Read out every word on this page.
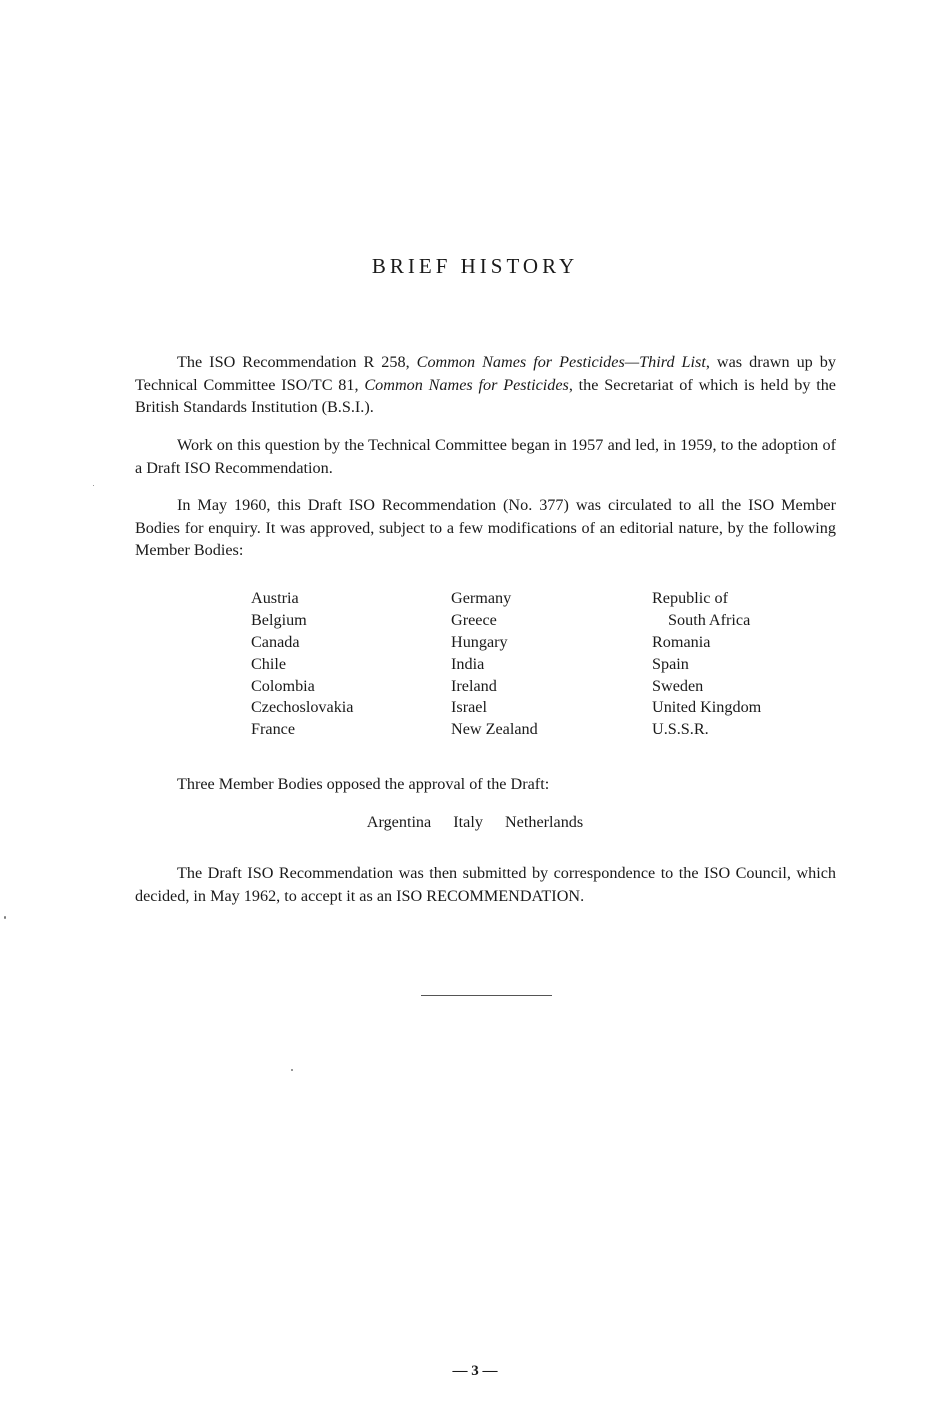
BRIEF HISTORY

The ISO Recommendation R 258, Common Names for Pesticides—Third List, was drawn up by Technical Committee ISO/TC 81, Common Names for Pesticides, the Secretariat of which is held by the British Standards Institution (B.S.I.).

Work on this question by the Technical Committee began in 1957 and led, in 1959, to the adoption of a Draft ISO Recommendation.

In May 1960, this Draft ISO Recommendation (No. 377) was circulated to all the ISO Member Bodies for enquiry. It was approved, subject to a few modifications of an editorial nature, by the following Member Bodies:

Austria
Belgium
Canada
Chile
Colombia
Czechoslovakia
France
Germany
Greece
Hungary
India
Ireland
Israel
New Zealand
Republic of
South Africa
Romania
Spain
Sweden
United Kingdom
U.S.S.R.
Three Member Bodies opposed the approval of the Draft:
Argentina Italy Netherlands

The Draft ISO Recommendation was then submitted by correspondence to the ISO Council, which decided, in May 1962, to accept it as an ISO RECOMMENDATION.

— 3 —
